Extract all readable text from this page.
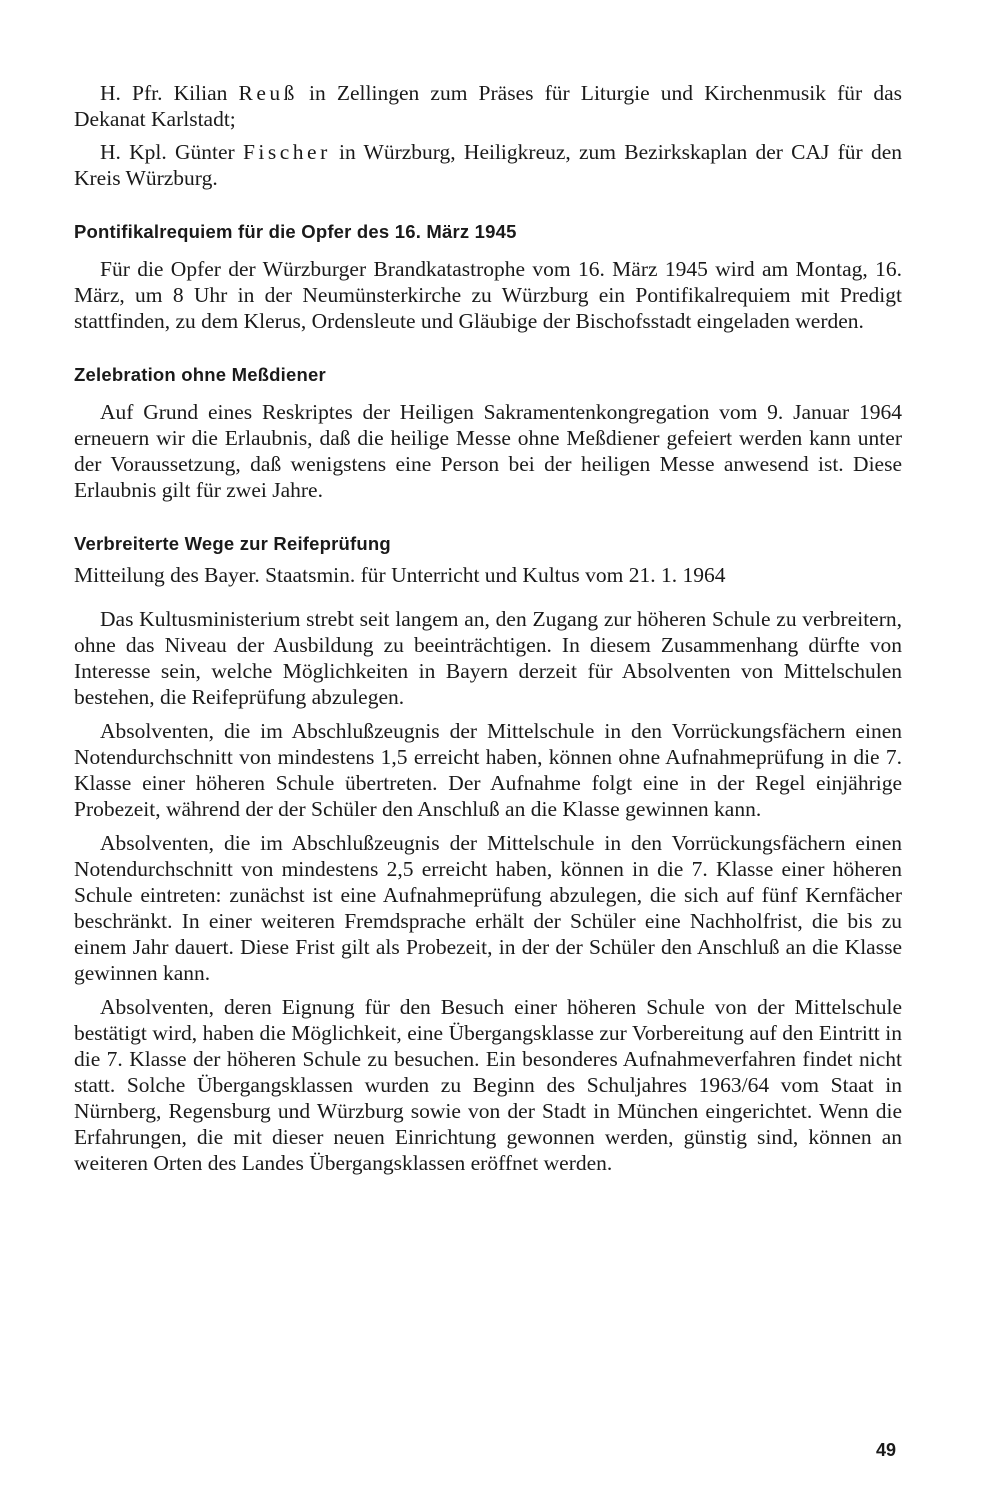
H. Pfr. Kilian Reuß in Zellingen zum Präses für Liturgie und Kirchenmusik für das Dekanat Karlstadt;

H. Kpl. Günter Fischer in Würzburg, Heiligkreuz, zum Bezirkskaplan der CAJ für den Kreis Würzburg.

Pontifikalrequiem für die Opfer des 16. März 1945

Für die Opfer der Würzburger Brandkatastrophe vom 16. März 1945 wird am Montag, 16. März, um 8 Uhr in der Neumünsterkirche zu Würzburg ein Pontifikalrequiem mit Predigt stattfinden, zu dem Klerus, Ordensleute und Gläubige der Bischofsstadt eingeladen werden.

Zelebration ohne Meßdiener

Auf Grund eines Reskriptes der Heiligen Sakramentenkongregation vom 9. Januar 1964 erneuern wir die Erlaubnis, daß die heilige Messe ohne Meßdiener gefeiert werden kann unter der Voraussetzung, daß wenigstens eine Person bei der heiligen Messe anwesend ist. Diese Erlaubnis gilt für zwei Jahre.

Verbreiterte Wege zur Reifeprüfung

Mitteilung des Bayer. Staatsmin. für Unterricht und Kultus vom 21. 1. 1964

Das Kultusministerium strebt seit langem an, den Zugang zur höheren Schule zu verbreitern, ohne das Niveau der Ausbildung zu beeinträchtigen. In diesem Zusammenhang dürfte von Interesse sein, welche Möglichkeiten in Bayern derzeit für Absolventen von Mittelschulen bestehen, die Reifeprüfung abzulegen.

Absolventen, die im Abschlußzeugnis der Mittelschule in den Vorrückungsfächern einen Notendurchschnitt von mindestens 1,5 erreicht haben, können ohne Aufnahmeprüfung in die 7. Klasse einer höheren Schule übertreten. Der Aufnahme folgt eine in der Regel einjährige Probezeit, während der der Schüler den Anschluß an die Klasse gewinnen kann.

Absolventen, die im Abschlußzeugnis der Mittelschule in den Vorrückungsfächern einen Notendurchschnitt von mindestens 2,5 erreicht haben, können in die 7. Klasse einer höheren Schule eintreten: zunächst ist eine Aufnahmeprüfung abzulegen, die sich auf fünf Kernfächer beschränkt. In einer weiteren Fremdsprache erhält der Schüler eine Nachholfrist, die bis zu einem Jahr dauert. Diese Frist gilt als Probezeit, in der der Schüler den Anschluß an die Klasse gewinnen kann.

Absolventen, deren Eignung für den Besuch einer höheren Schule von der Mittelschule bestätigt wird, haben die Möglichkeit, eine Übergangsklasse zur Vorbereitung auf den Eintritt in die 7. Klasse der höheren Schule zu besuchen. Ein besonderes Aufnahmeverfahren findet nicht statt. Solche Übergangsklassen wurden zu Beginn des Schuljahres 1963/64 vom Staat in Nürnberg, Regensburg und Würzburg sowie von der Stadt in München eingerichtet. Wenn die Erfahrungen, die mit dieser neuen Einrichtung gewonnen werden, günstig sind, können an weiteren Orten des Landes Übergangsklassen eröffnet werden.

49
